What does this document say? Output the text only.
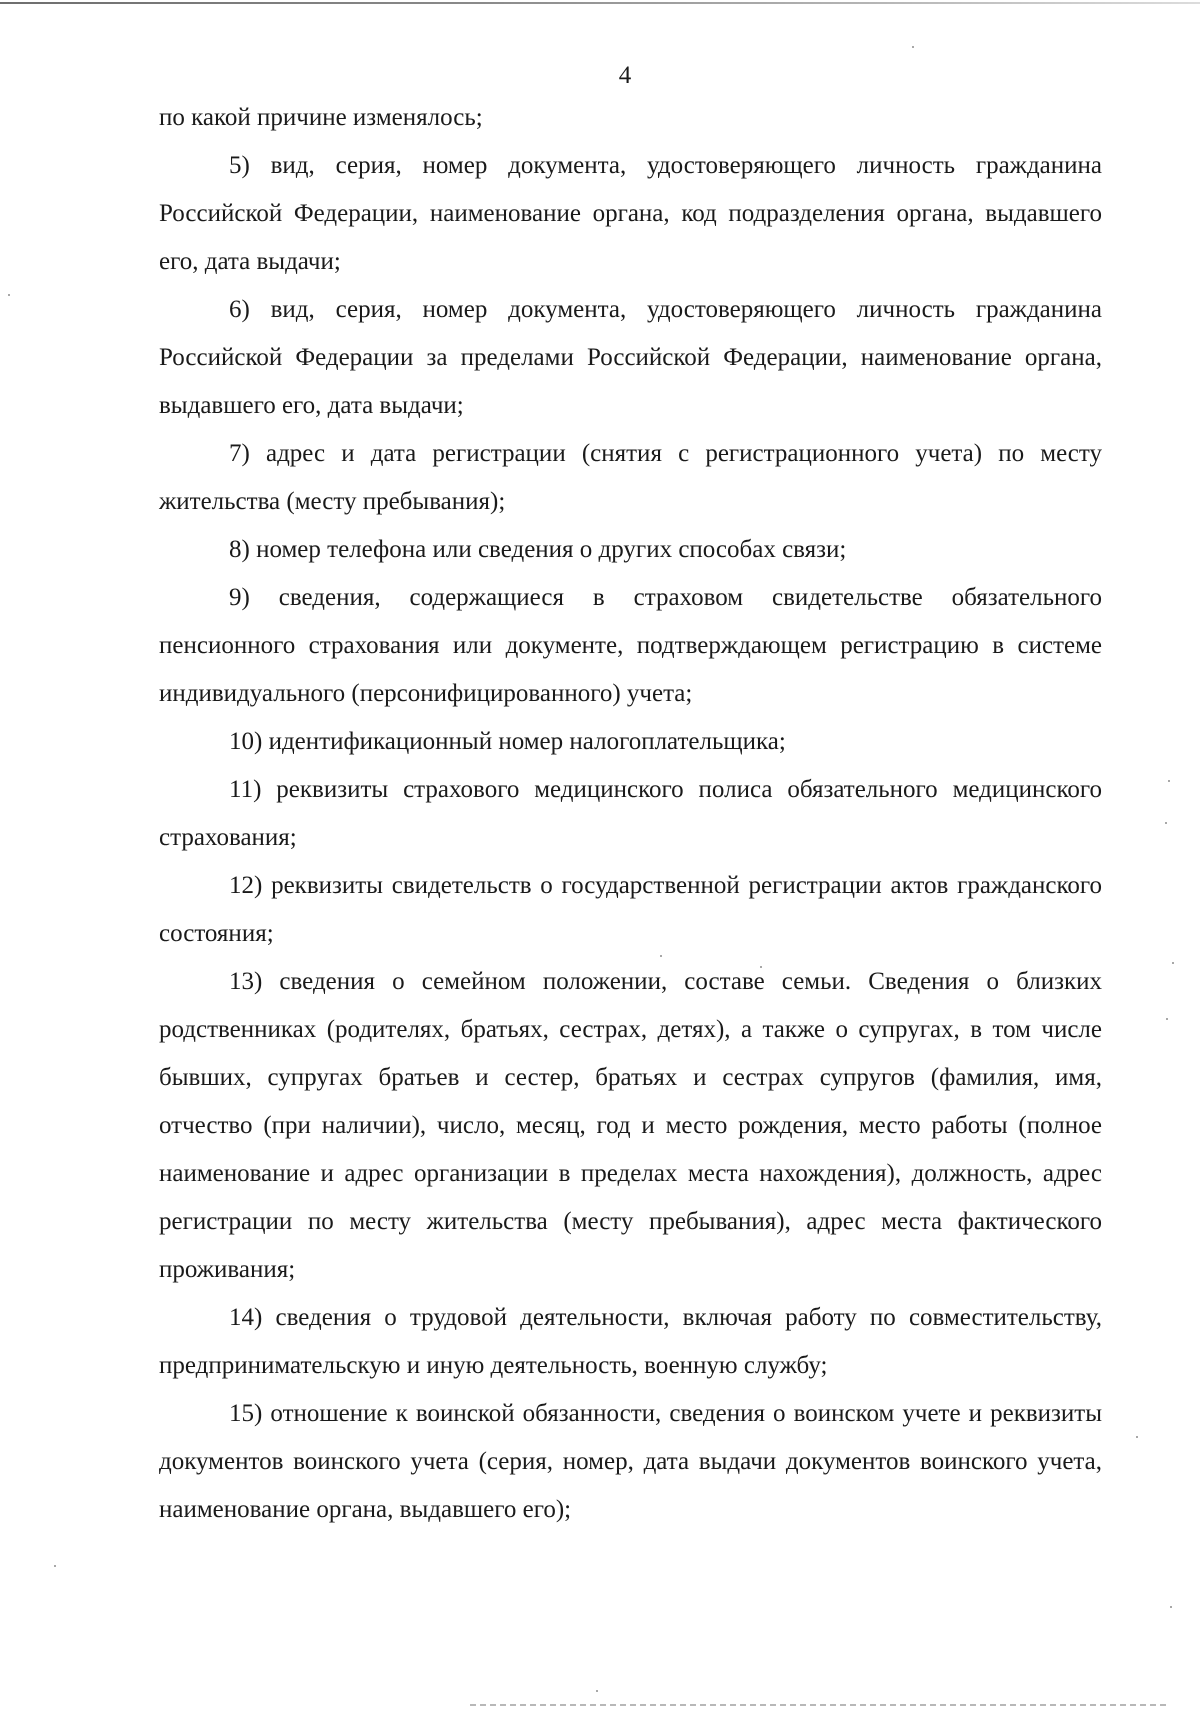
4

по какой причине изменялось;

5) вид, серия, номер документа, удостоверяющего личность гражданина Российской Федерации, наименование органа, код подразделения органа, выдавшего его, дата выдачи;

6) вид, серия, номер документа, удостоверяющего личность гражданина Российской Федерации за пределами Российской Федерации, наименование органа, выдавшего его, дата выдачи;

7) адрес и дата регистрации (снятия с регистрационного учета) по месту жительства (месту пребывания);

8) номер телефона или сведения о других способах связи;

9) сведения, содержащиеся в страховом свидетельстве обязательного пенсионного страхования или документе, подтверждающем регистрацию в системе индивидуального (персонифицированного) учета;

10) идентификационный номер налогоплательщика;

11) реквизиты страхового медицинского полиса обязательного медицинского страхования;

12) реквизиты свидетельств о государственной регистрации актов гражданского состояния;

13) сведения о семейном положении, составе семьи. Сведения о близких родственниках (родителях, братьях, сестрах, детях), а также о супругах, в том числе бывших, супругах братьев и сестер, братьях и сестрах супругов (фамилия, имя, отчество (при наличии), число, месяц, год и место рождения, место работы (полное наименование и адрес организации в пределах места нахождения), должность, адрес регистрации по месту жительства (месту пребывания), адрес места фактического проживания;

14) сведения о трудовой деятельности, включая работу по совместительству, предпринимательскую и иную деятельность, военную службу;

15) отношение к воинской обязанности, сведения о воинском учете и реквизиты документов воинского учета (серия, номер, дата выдачи документов воинского учета, наименование органа, выдавшего его);
